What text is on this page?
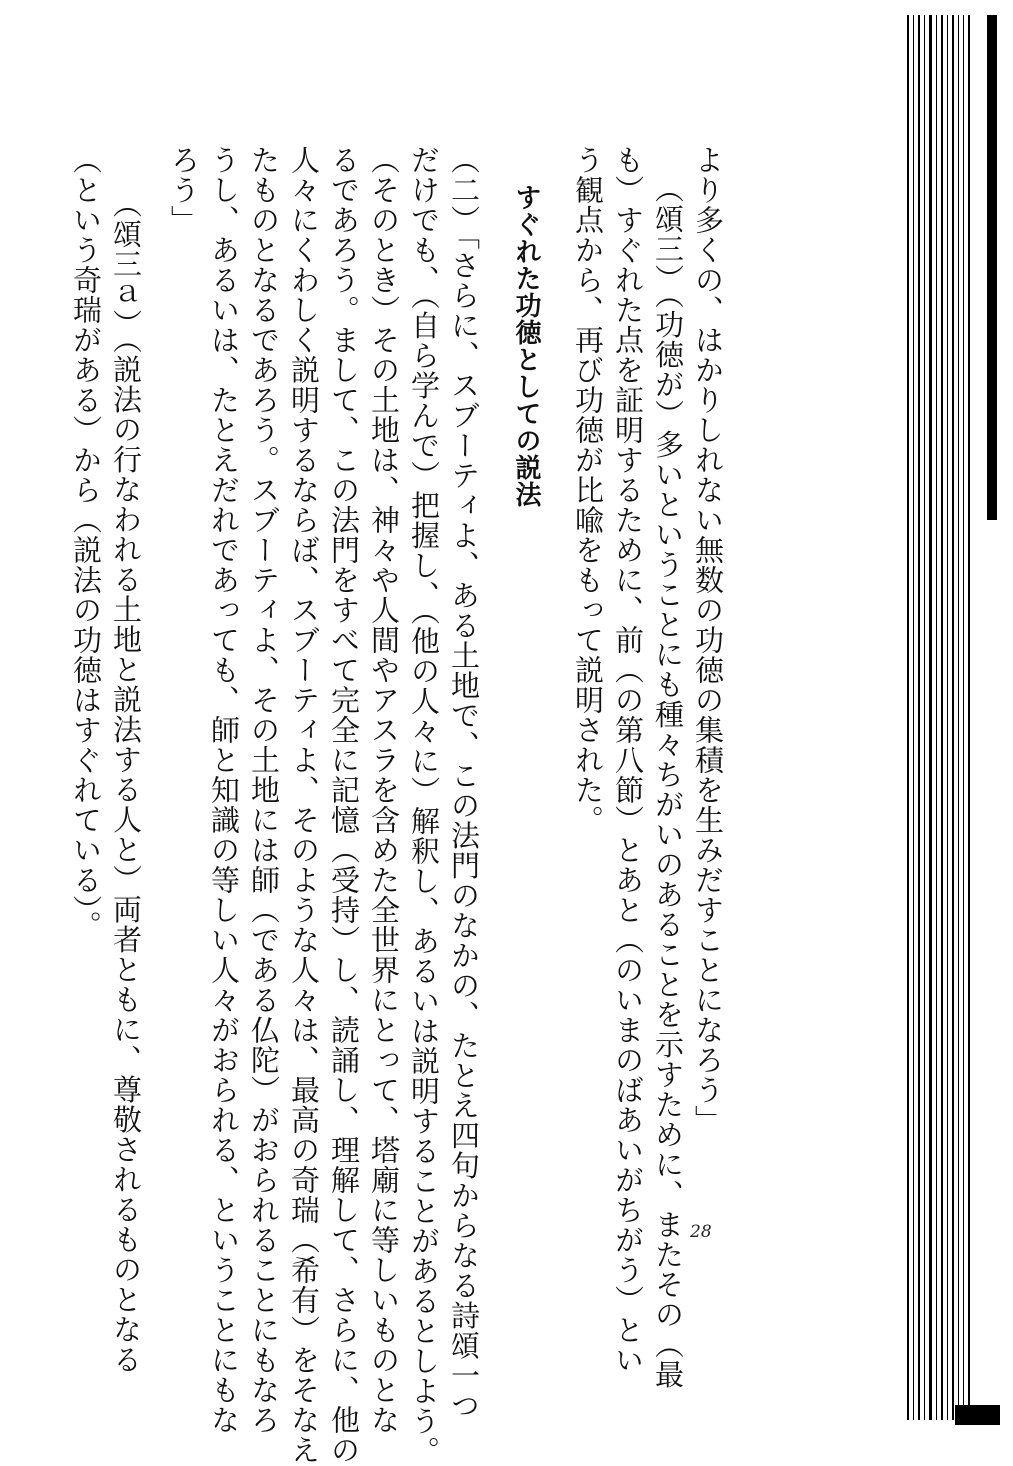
より多くの、はかりしれない無数の功徳の集積を生みだすことになろう」
（頌三）（功徳が）多いということにも種々ちがいのあることを示すために、またその（最
も）すぐれた点を証明するために、前（の第八節）とあと（のいまのばあいがちがう）とい
う観点から、再び功徳が比喩をもって説明された。
すぐれた功徳としての説法
（二）「さらに、スブーティよ、ある土地で、この法門のなかの、たとえ四句からなる詩頌一つ
だけでも、（自ら学んで）把握し、（他の人々に）解釈し、あるいは説明することがあるとしよう。
（そのとき）その土地は、神々や人間やアスラを含めた全世界にとって、塔廟に等しいものとな
るであろう。まして、この法門をすべて完全に記憶（受持）し、読誦し、理解して、さらに、他の
人々にくわしく説明するならば、スブーティよ、そのような人々は、最高の奇瑞（希有）をそなえ
たものとなるであろう。スブーティよ、その土地には師（である仏陀）がおられることにもなろ
うし、あるいは、たとえだれであっても、師と知識の等しい人々がおられる、ということにもな
ろう」
（頌三ａ）（説法の行なわれる土地と説法する人と）両者ともに、尊敬されるものとなる
（という奇瑞がある）から（説法の功徳はすぐれている）。
28
